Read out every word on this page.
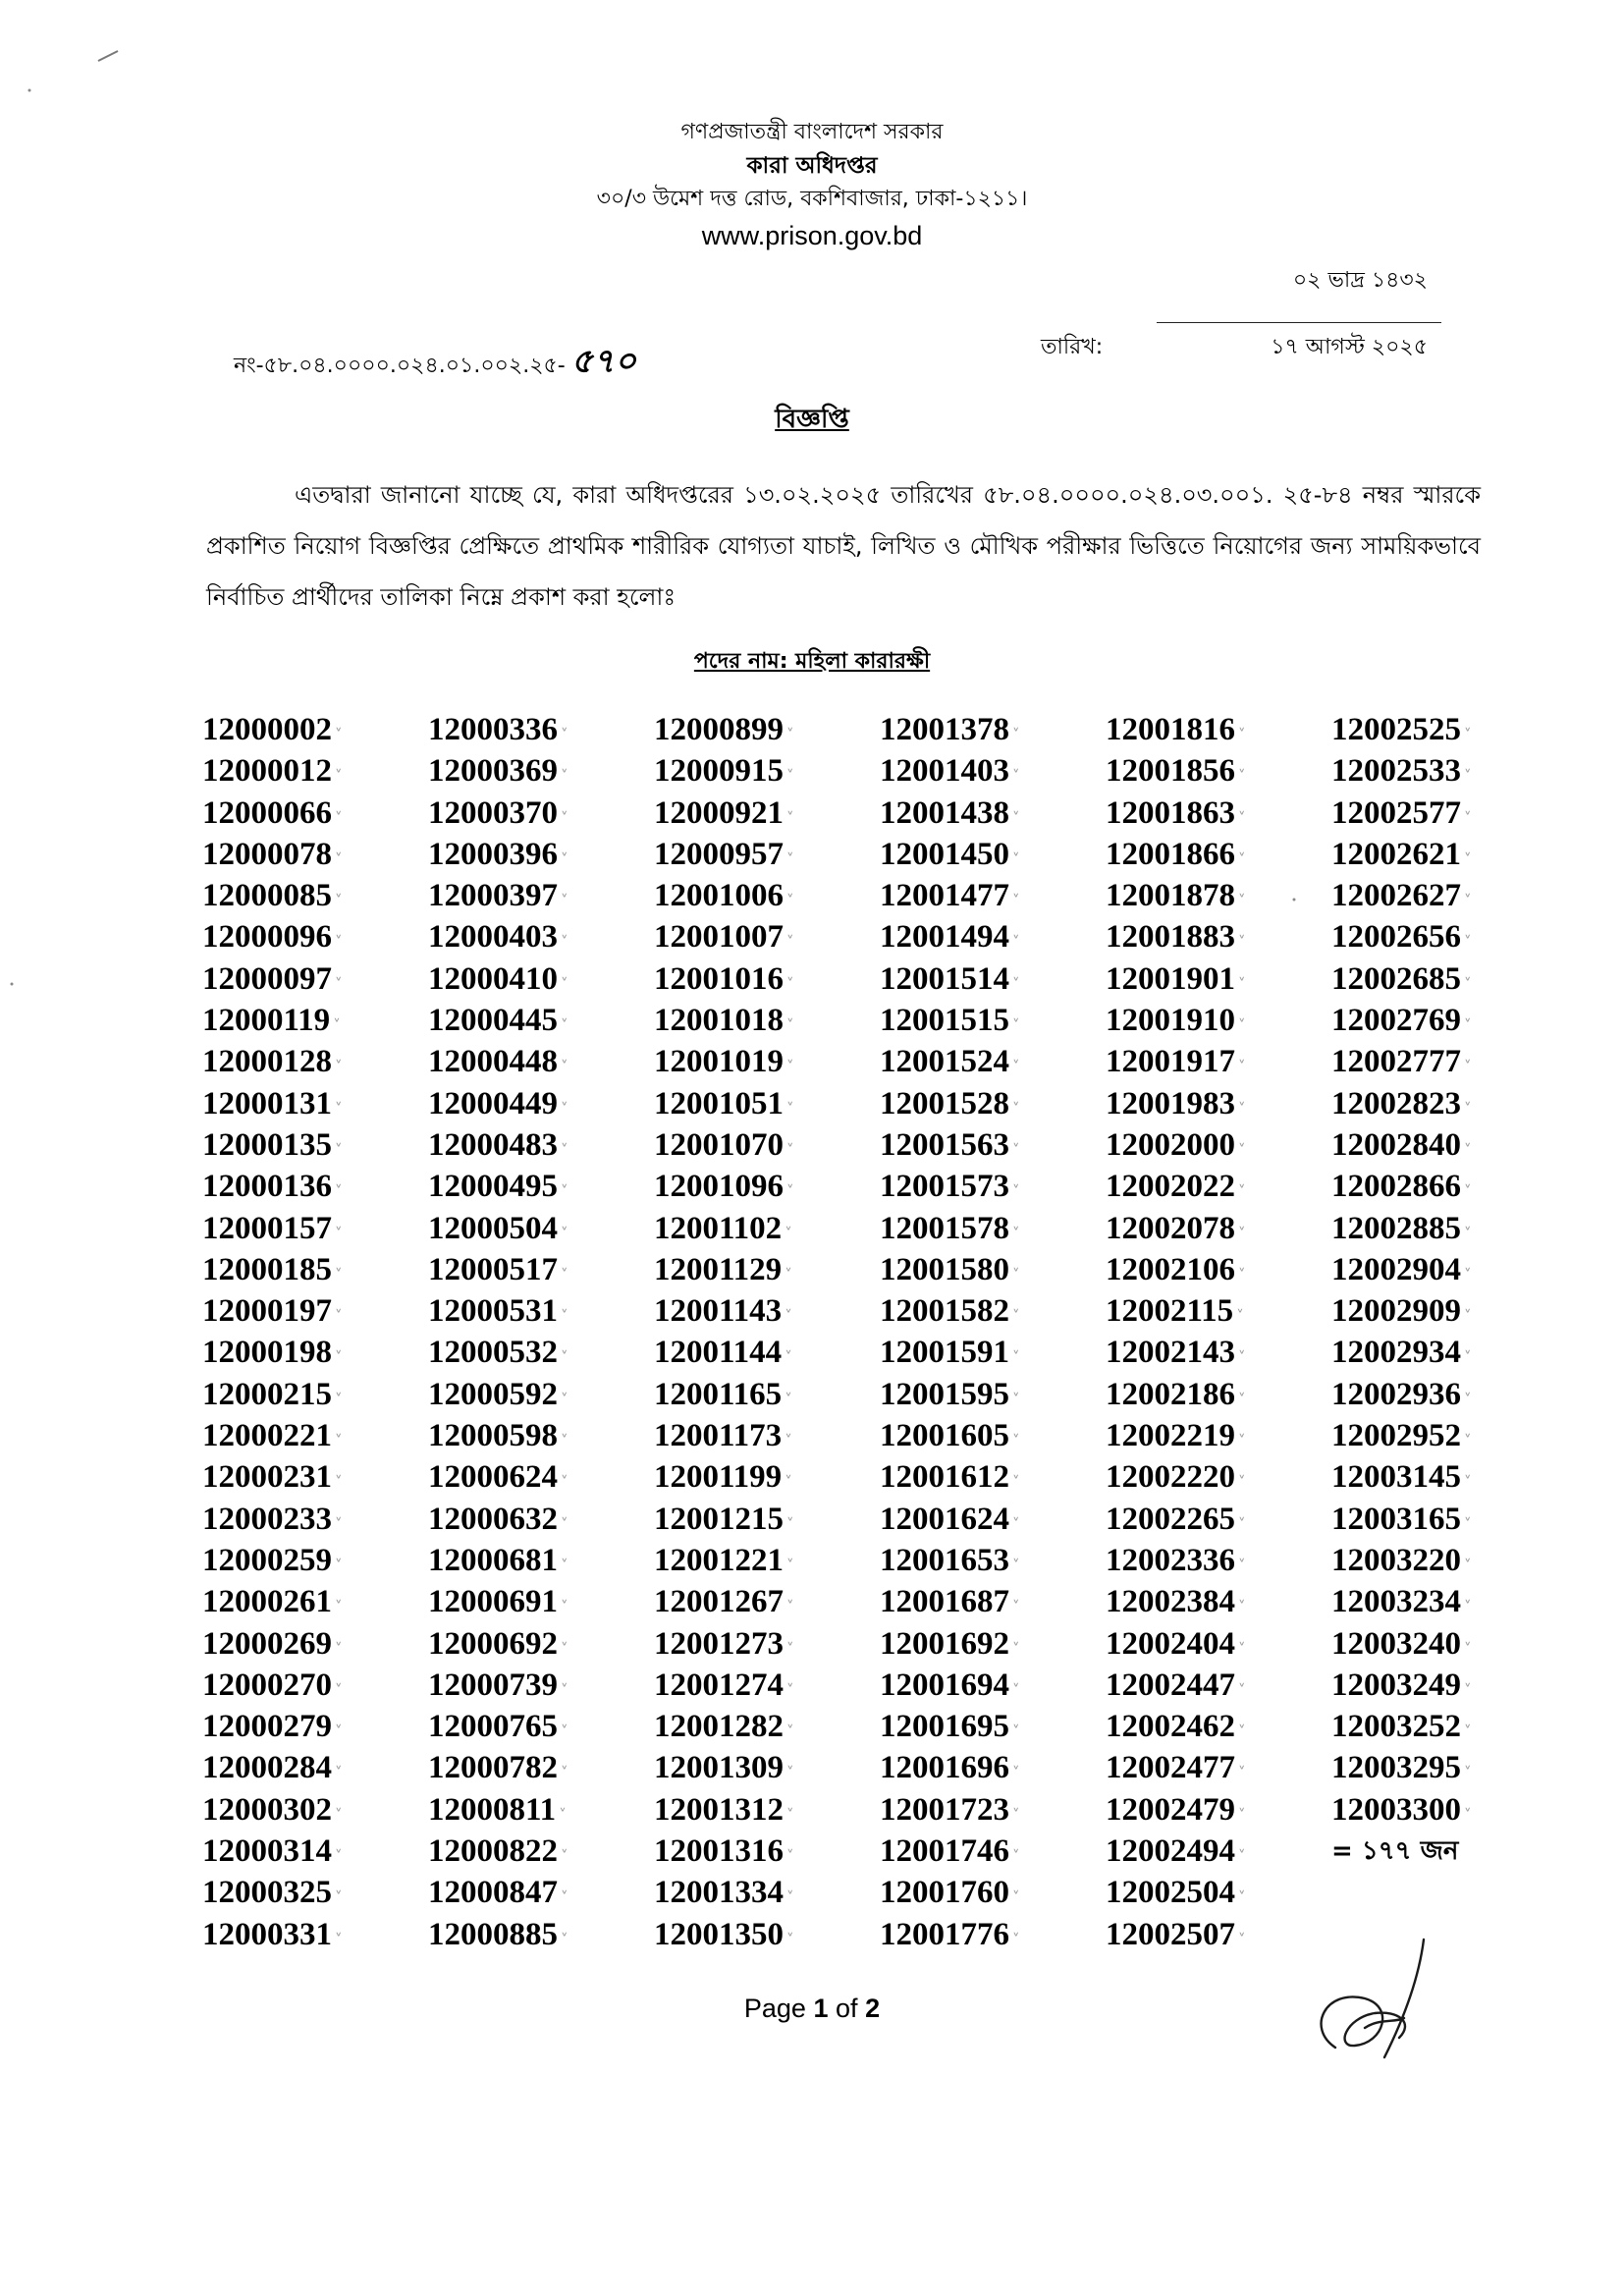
গণপ্রজাতন্ত্রী বাংলাদেশ সরকার
কারা অধিদপ্তর
৩০/৩ উমেশ দত্ত রোড, বকশিবাজার, ঢাকা-১২১১।
www.prison.gov.bd
০২ ভাদ্র ১৪৩২
নং-৫৮.০৪.০০০০.০২৪.০১.০০২.২৫- ৫৭০	তারিখ:	১৭ আগস্ট ২০২৫
বিজ্ঞপ্তি
এতদ্বারা জানানো যাচ্ছে যে, কারা অধিদপ্তরের ১৩.০২.২০২৫ তারিখের ৫৮.০৪.০০০০.০২৪.০৩.০০১. ২৫-৮৪ নম্বর স্মারকে প্রকাশিত নিয়োগ বিজ্ঞপ্তির প্রেক্ষিতে প্রাথমিক শারীরিক যোগ্যতা যাচাই, লিখিত ও মৌখিক পরীক্ষার ভিত্তিতে নিয়োগের জন্য সাময়িকভাবে নির্বাচিত প্রার্থীদের তালিকা নিম্নে প্রকাশ করা হলোঃ
পদের নাম: মহিলা কারারক্ষী
12000002 ˅
12000012 ˅
12000066 ˅
12000078 ˅
12000085 ˅
12000096 ˅
12000097 ˅
12000119 ˅
12000128 ˅
12000131 ˅
12000135 ˅
12000136 ˅
12000157 ˅
12000185 ˅
12000197 ˅
12000198 ˅
12000215 ˅
12000221 ˅
12000231 ˅
12000233 ˅
12000259 ˅
12000261 ˅
12000269 ˅
12000270 ˅
12000279 ˅
12000284 ˅
12000302 ˅
12000314 ˅
12000325 ˅
12000331 ˅
12000336 ˅
12000369 ˅
12000370 ˅
12000396 ˅
12000397 ˅
12000403 ˅
12000410 ˅
12000445 ˅
12000448 ˅
12000449 ˅
12000483 ˅
12000495 ˅
12000504 ˅
12000517 ˅
12000531 ˅
12000532 ˅
12000592 ˅
12000598 ˅
12000624 ˅
12000632 ˅
12000681 ˅
12000691 ˅
12000692 ˅
12000739 ˅
12000765 ˅
12000782 ˅
12000811 ˅
12000822 ˅
12000847 ˅
12000885 ˅
12000899 ˅
12000915 ˅
12000921 ˅
12000957 ˅
12001006 ˅
12001007 ˅
12001016 ˅
12001018 ˅
12001019 ˅
12001051 ˅
12001070 ˅
12001096 ˅
12001102 ˅
12001129 ˅
12001143 ˅
12001144 ˅
12001165 ˅
12001173 ˅
12001199 ˅
12001215 ˅
12001221 ˅
12001267 ˅
12001273 ˅
12001274 ˅
12001282 ˅
12001309 ˅
12001312 ˅
12001316 ˅
12001334 ˅
12001350 ˅
12001378 ˅
12001403 ˅
12001438 ˅
12001450 ˅
12001477 ˅
12001494 ˅
12001514 ˅
12001515 ˅
12001524 ˅
12001528 ˅
12001563 ˅
12001573 ˅
12001578 ˅
12001580 ˅
12001582 ˅
12001591 ˅
12001595 ˅
12001605 ˅
12001612 ˅
12001624 ˅
12001653 ˅
12001687 ˅
12001692 ˅
12001694 ˅
12001695 ˅
12001696 ˅
12001723 ˅
12001746 ˅
12001760 ˅
12001776 ˅
12001816 ˅
12001856 ˅
12001863 ˅
12001866 ˅
12001878 ˅
12001883 ˅
12001901 ˅
12001910 ˅
12001917 ˅
12001983 ˅
12002000 ˅
12002022 ˅
12002078 ˅
12002106 ˅
12002115 ˅
12002143 ˅
12002186 ˅
12002219 ˅
12002220 ˅
12002265 ˅
12002336 ˅
12002384 ˅
12002404 ˅
12002447 ˅
12002462 ˅
12002477 ˅
12002479 ˅
12002494 ˅
12002504 ˅
12002507 ˅
12002525 ˅
12002533 ˅
12002577 ˅
12002621 ˅
12002627 ˅
12002656 ˅
12002685 ˅
12002769 ˅
12002777 ˅
12002823 ˅
12002840 ˅
12002866 ˅
12002885 ˅
12002904 ˅
12002909 ˅
12002934 ˅
12002936 ˅
12002952 ˅
12003145 ˅
12003165 ˅
12003220 ˅
12003234 ˅
12003240 ˅
12003249 ˅
12003252 ˅
12003295 ˅
12003300 ˅
= ১৭৭ জন
Page 1 of 2
